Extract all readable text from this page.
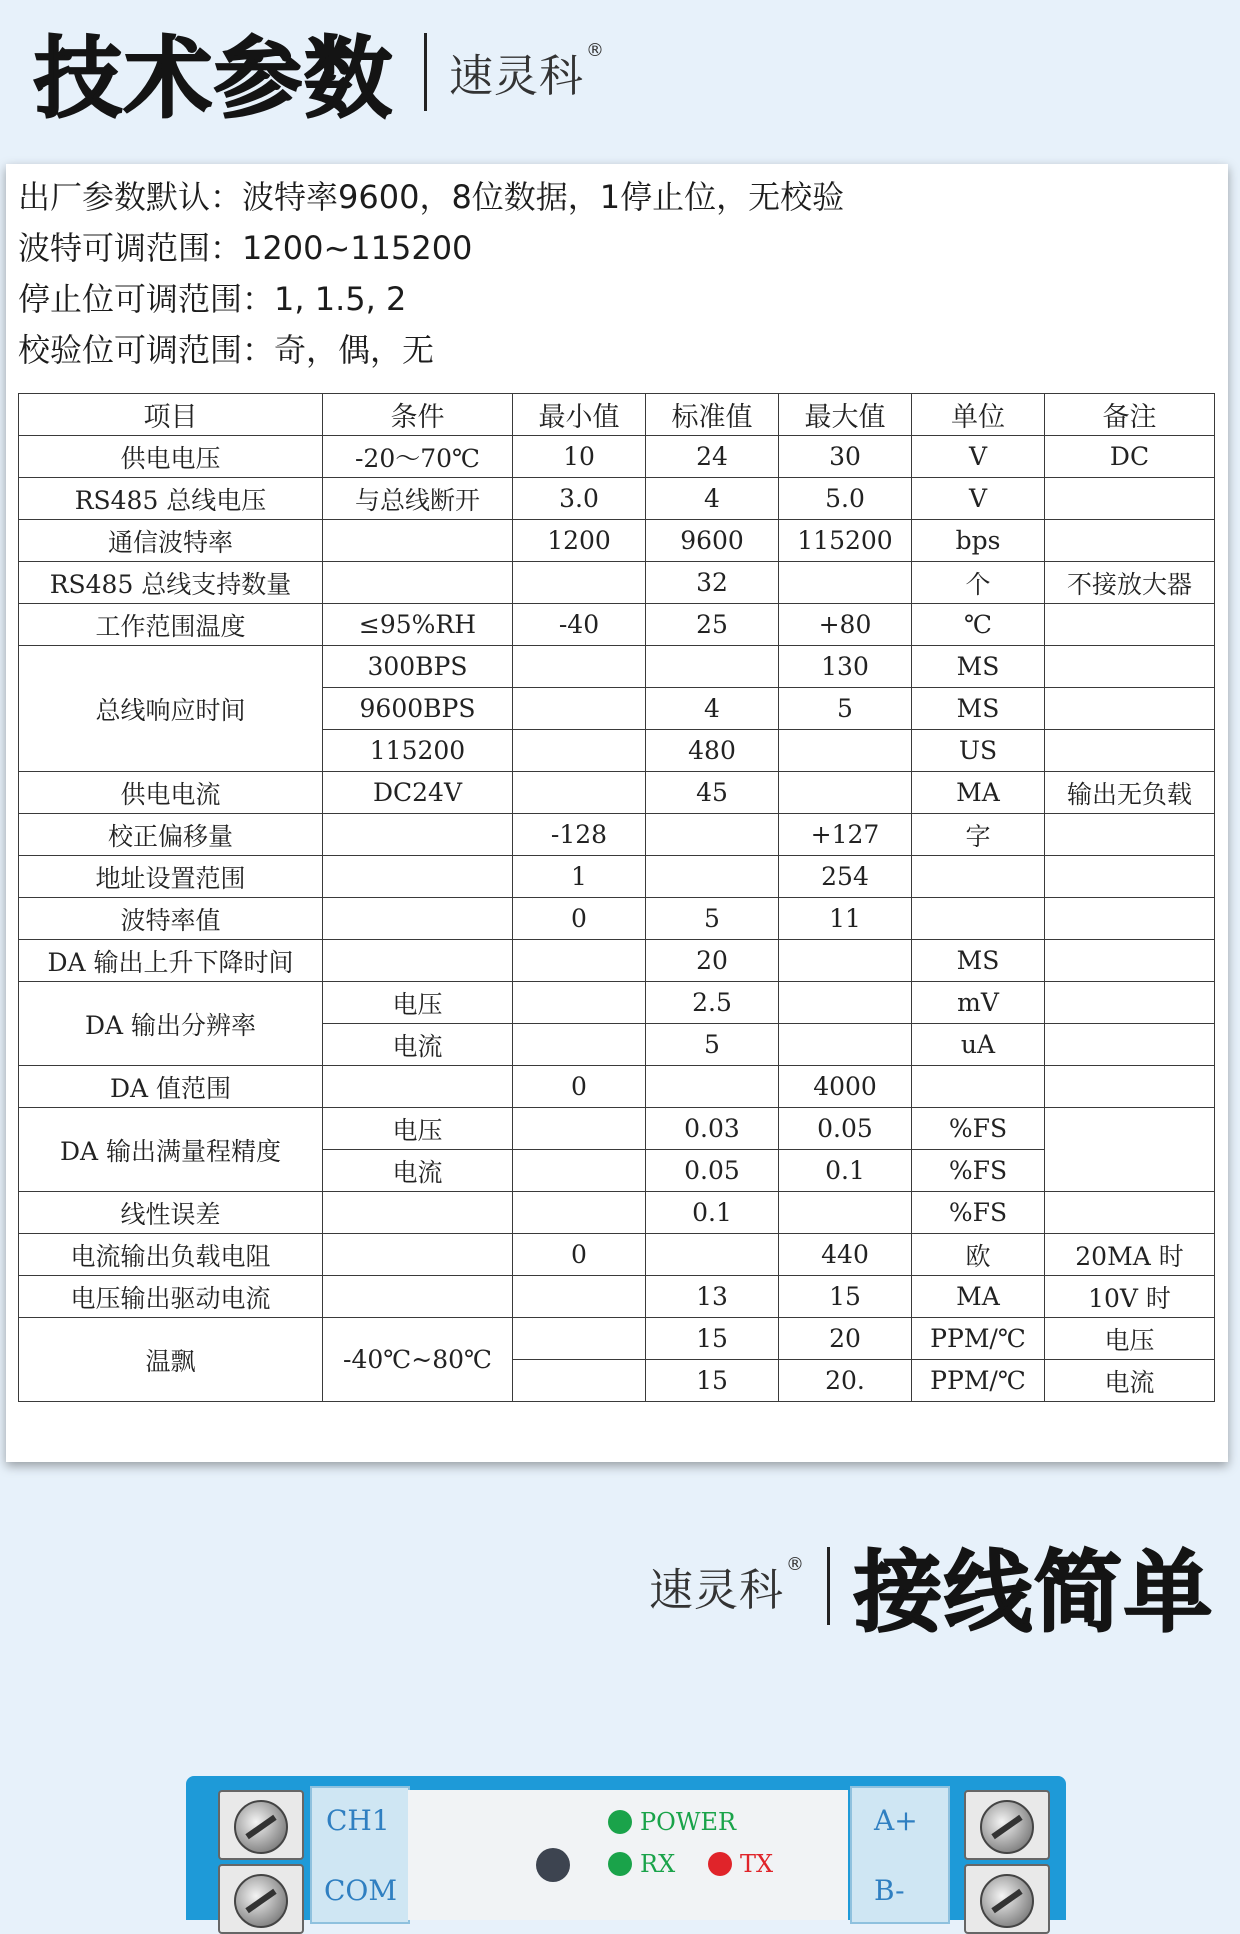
技术参数 速灵科®
出厂参数默认：波特率9600，8位数据，1停止位，无校验
波特可调范围：1200~115200
停止位可调范围：1, 1.5, 2
校验位可调范围：奇，偶，无
项目	条件	最小值	标准值	最大值	单位	备注
供电电压	-20～70℃	10	24	30	V	DC
RS485 总线电压	与总线断开	3.0	4	5.0	V	
通信波特率		1200	9600	115200	bps	
RS485 总线支持数量			32		个	不接放大器
工作范围温度	≤95%RH	-40	25	+80	℃	
总线响应时间	300BPS			130	MS	
	9600BPS		4	5	MS	
	115200		480		US	
供电电流	DC24V		45		MA	输出无负载
校正偏移量		-128		+127	字	
地址设置范围		1		254		
波特率值		0	5	11		
DA 输出上升下降时间			20		MS	
DA 输出分辨率	电压		2.5		mV	
	电流		5		uA	
DA 值范围		0		4000		
DA 输出满量程精度	电压		0.03	0.05	%FS	
	电流		0.05	0.1	%FS	
线性误差			0.1		%FS	
电流输出负载电阻		0		440	欧	20MA 时
电压输出驱动电流			13	15	MA	10V 时
温飘	-40℃~80℃		15	20	PPM/℃	电压
			15	20.	PPM/℃	电流
速灵科® 接线简单
CH1
COM
POWER
RX	TX
A+
B-
